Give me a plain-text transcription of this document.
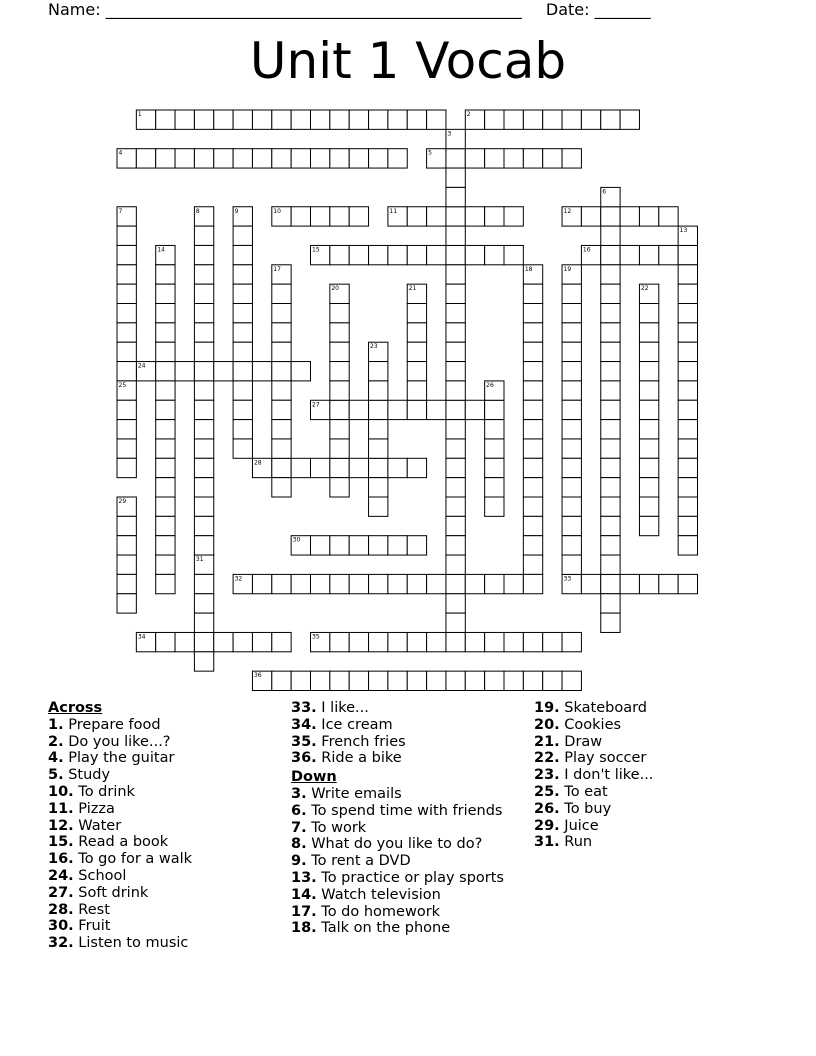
Name: ____________________________________________________ Date: _______
Unit 1 Vocab
1	2
4	5
10	11	12
15	16
24
27
28
30
32	33
34	35
36
3
6
7	8	9
13
14
17	18	19
20	21	22
23
25	26
29
31
Across
1. Prepare food
2. Do you like...?
4. Play the guitar
5. Study
10. To drink
11. Pizza
12. Water
15. Read a book
16. To go for a walk
24. School
27. Soft drink
28. Rest
30. Fruit
32. Listen to music
33. I like...
34. Ice cream
35. French fries
36. Ride a bike
Down
3. Write emails
6. To spend time with friends
7. To work
8. What do you like to do?
9. To rent a DVD
13. To practice or play sports
14. Watch television
17. To do homework
18. Talk on the phone
19. Skateboard
20. Cookies
21. Draw
22. Play soccer
23. I don't like...
25. To eat
26. To buy
29. Juice
31. Run
